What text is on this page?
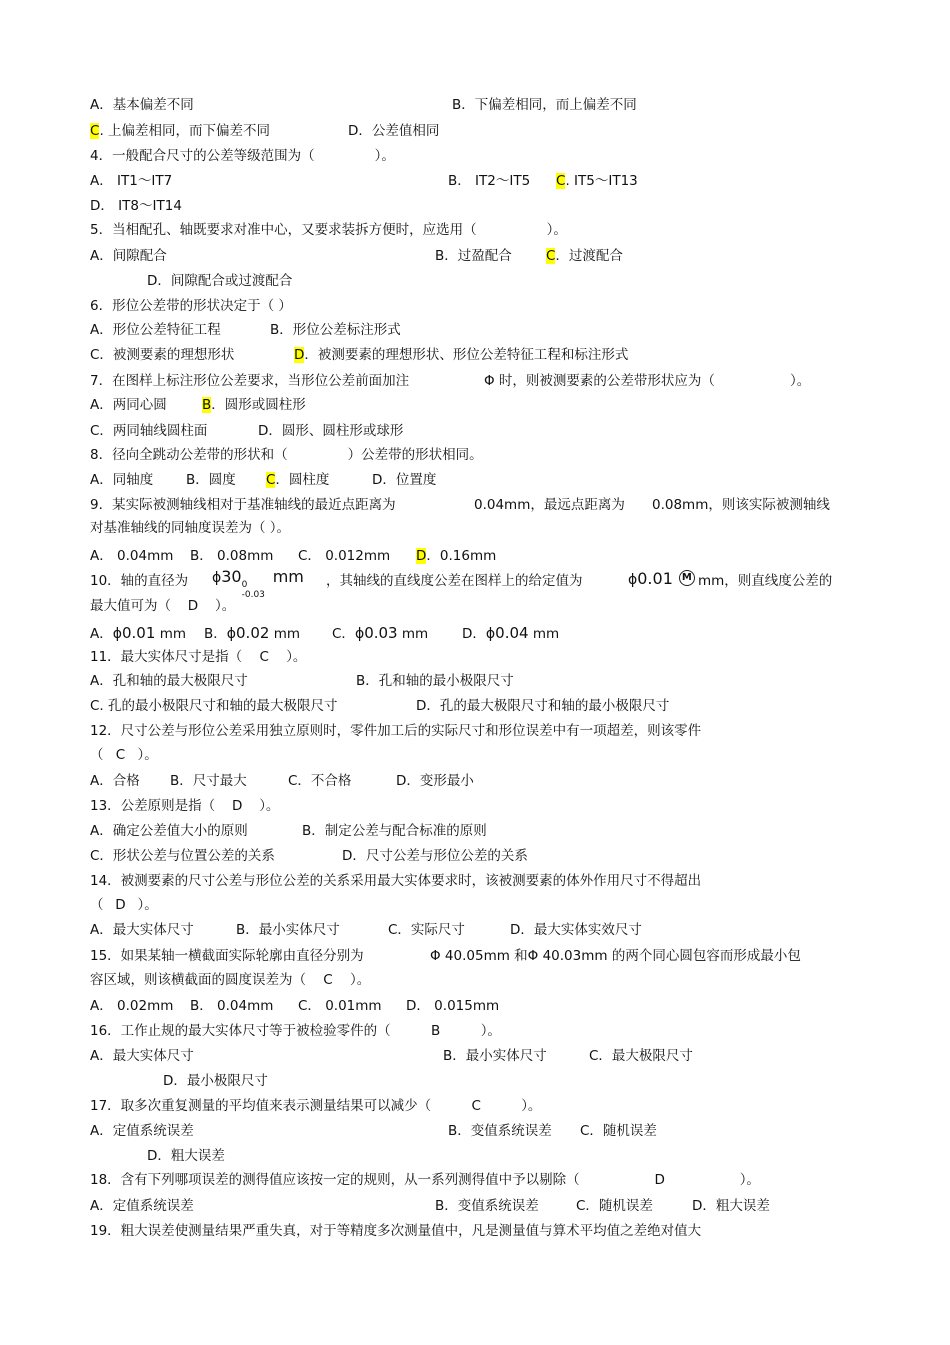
A．基本偏差不同	B．下偏差相同，而上偏差不同
C. 上偏差相同，而下偏差不同	D．公差值相同
4．一般配合尺寸的公差等级范围为（	）。
A． IT1～IT7	B． IT2～IT5 C. IT5～IT13
D． IT8～IT14
5．当相配孔、轴既要求对准中心，又要求装拆方便时，应选用（	）。
A．间隙配合	B．过盈配合	C．过渡配合
D．间隙配合或过渡配合
6．形位公差带的形状决定于（ ）
A．形位公差特征工程	B．形位公差标注形式
C．被测要素的理想形状	D．被测要素的理想形状、形位公差特征工程和标注形式
7．在图样上标注形位公差要求，当形位公差前面加注	Φ 时，则被测要素的公差带形状应为（	）。
A．两同心圆	B．圆形或圆柱形
C．两同轴线圆柱面	D．圆形、圆柱形或球形
8．径向全跳动公差带的形状和（	）公差带的形状相同。
A．同轴度 B．圆度 C．圆柱度	D．位置度
9．某实际被测轴线相对于基准轴线的最近点距离为	0.04mm，最远点距离为 0.08mm，则该实际被测轴线
对基准轴线的同轴度误差为（ ）。
A． 0.04mm B． 0.08mm C． 0.012mm D．0.16mm
10．轴的直径为 ϕ30 0
-0.03
mm ，其轴线的直线度公差在图样上的给定值为	ϕ0.01 M mm，则直线度公差的
最大值可为（ D ）。
A．ϕ0.01 mm B．ϕ0.02 mm C．ϕ0.03 mm	D．ϕ0.04 mm
11．最大实体尺寸是指（ C ）。
A．孔和轴的最大极限尺寸	B．孔和轴的最小极限尺寸
C. 孔的最小极限尺寸和轴的最大极限尺寸	D．孔的最大极限尺寸和轴的最小极限尺寸
12．尺寸公差与形位公差采用独立原则时，零件加工后的实际尺寸和形位误差中有一项超差，则该零件
（ C ）。
A．合格 B．尺寸最大	C．不合格	D．变形最小
13．公差原则是指（ D ）。
A．确定公差值大小的原则	B．制定公差与配合标准的原则
C．形状公差与位置公差的关系	D．尺寸公差与形位公差的关系
14．被测要素的尺寸公差与形位公差的关系采用最大实体要求时，该被测要素的体外作用尺寸不得超出
（ D ）。
A．最大实体尺寸	B．最小实体尺寸	C．实际尺寸	D．最大实体实效尺寸
15．如果某轴一横截面实际轮廓由直径分别为	Φ 40.05mm 和Φ 40.03mm 的两个同心圆包容而形成最小包
容区域，则该横截面的圆度误差为（ C ）。
A． 0.02mm B． 0.04mm C． 0.01mm D． 0.015mm
16．工作止规的最大实体尺寸等于被检验零件的（	B	）。
A．最大实体尺寸	B．最小实体尺寸	C．最大极限尺寸
D．最小极限尺寸
17．取多次重复测量的平均值来表示测量结果可以减少（	C	）。
A．定值系统误差	B．变值系统误差 C．随机误差
D．粗大误差
18．含有下列哪项误差的测得值应该按一定的规则，从一系列测得值中予以剔除（	D	）。
A．定值系统误差	B．变值系统误差	C．随机误差	D．粗大误差
19．粗大误差使测量结果严重失真，对于等精度多次测量值中，凡是测量值与算术平均值之差绝对值大
